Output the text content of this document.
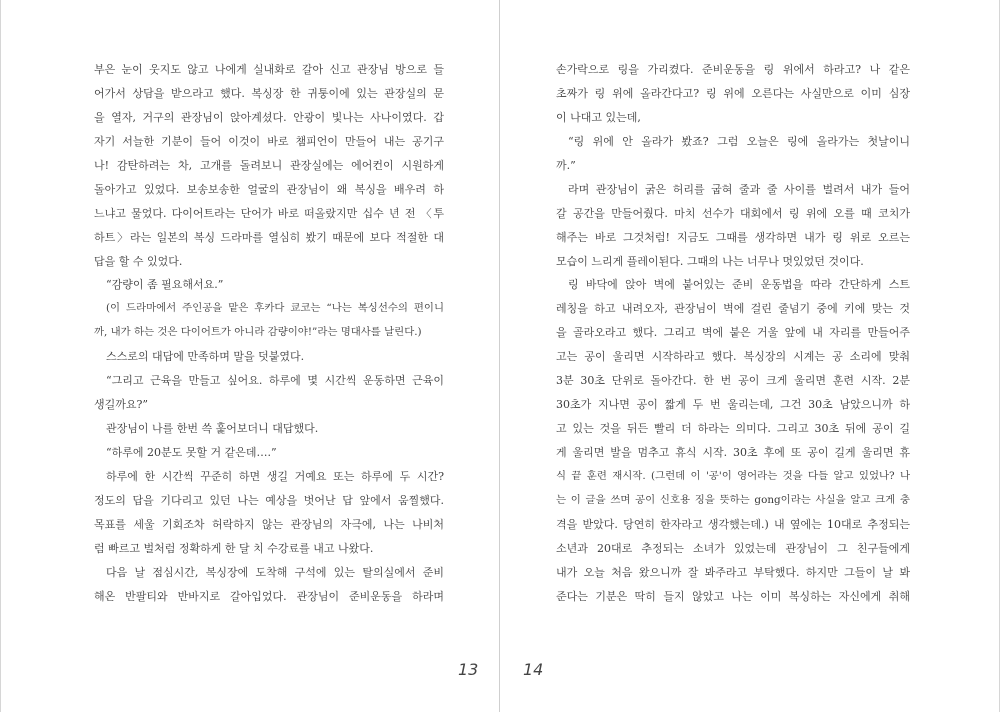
부은 눈이 웃지도 않고 나에게 실내화로 갈아 신고 관장님 방으로 들
어가서 상담을 받으라고 했다. 복싱장 한 귀퉁이에 있는 관장실의 문
을 열자, 거구의 관장님이 앉아계셨다. 안광이 빛나는 사나이였다. 갑
자기 서늘한 기분이 들어 이것이 바로 챔피언이 만들어 내는 공기구
나! 감탄하려는 차, 고개를 돌려보니 관장실에는 에어컨이 시원하게
돌아가고 있었다. 보송보송한 얼굴의 관장님이 왜 복싱을 배우려 하
느냐고 물었다. 다이어트라는 단어가 바로 떠올랐지만 십수 년 전 〈투
하트〉라는 일본의 복싱 드라마를 열심히 봤기 때문에 보다 적절한 대
답을 할 수 있었다.
“감량이 좀 필요해서요.”
(이 드라마에서 주인공을 맡은 후카다 쿄코는 “나는 복싱선수의 편이니
까, 내가 하는 것은 다이어트가 아니라 감량이야!”라는 명대사를 날린다.)
스스로의 대답에 만족하며 말을 덧붙였다.
“그리고 근육을 만들고 싶어요. 하루에 몇 시간씩 운동하면 근육이
생길까요?”
관장님이 나를 한번 쓱 훑어보더니 대답했다.
“하루에 20분도 못할 거 같은데….”
하루에 한 시간씩 꾸준히 하면 생길 거예요 또는 하루에 두 시간?
정도의 답을 기다리고 있던 나는 예상을 벗어난 답 앞에서 움찔했다.
목표를 세울 기회조차 허락하지 않는 관장님의 자극에, 나는 나비처
럼 빠르고 벌처럼 정확하게 한 달 치 수강료를 내고 나왔다.
다음 날 점심시간, 복싱장에 도착해 구석에 있는 탈의실에서 준비
해온 반팔티와 반바지로 갈아입었다. 관장님이 준비운동을 하라며
13
손가락으로 링을 가리켰다. 준비운동을 링 위에서 하라고? 나 같은
초짜가 링 위에 올라간다고? 링 위에 오른다는 사실만으로 이미 심장
이 나대고 있는데,
“링 위에 안 올라가 봤죠? 그럼 오늘은 링에 올라가는 첫날이니
까.”
라며 관장님이 굵은 허리를 굽혀 줄과 줄 사이를 벌려서 내가 들어
갈 공간을 만들어줬다. 마치 선수가 대회에서 링 위에 오를 때 코치가
해주는 바로 그것처럼! 지금도 그때를 생각하면 내가 링 위로 오르는
모습이 느리게 플레이된다. 그때의 나는 너무나 멋있었던 것이다.
링 바닥에 앉아 벽에 붙어있는 준비 운동법을 따라 간단하게 스트
레칭을 하고 내려오자, 관장님이 벽에 걸린 줄넘기 중에 키에 맞는 것
을 골라오라고 했다. 그리고 벽에 붙은 거울 앞에 내 자리를 만들어주
고는 공이 울리면 시작하라고 했다. 복싱장의 시계는 공 소리에 맞춰
3분 30초 단위로 돌아간다. 한 번 공이 크게 울리면 훈련 시작. 2분
30초가 지나면 공이 짧게 두 번 울리는데, 그건 30초 남았으니까 하
고 있는 것을 뒤든 빨리 더 하라는 의미다. 그리고 30초 뒤에 공이 길
게 울리면 발을 멈추고 휴식 시작. 30초 후에 또 공이 길게 울리면 휴
식 끝 훈련 재시작. (그런데 이 '공'이 영어라는 것을 다들 알고 있었나? 나
는 이 글을 쓰며 공이 신호용 징을 뜻하는 gong이라는 사실을 알고 크게 충
격을 받았다. 당연히 한자라고 생각했는데.) 내 옆에는 10대로 추정되는
소년과 20대로 추정되는 소녀가 있었는데 관장님이 그 친구들에게
내가 오늘 처음 왔으니까 잘 봐주라고 부탁했다. 하지만 그들이 날 봐
준다는 기분은 딱히 들지 않았고 나는 이미 복싱하는 자신에게 취해
14
